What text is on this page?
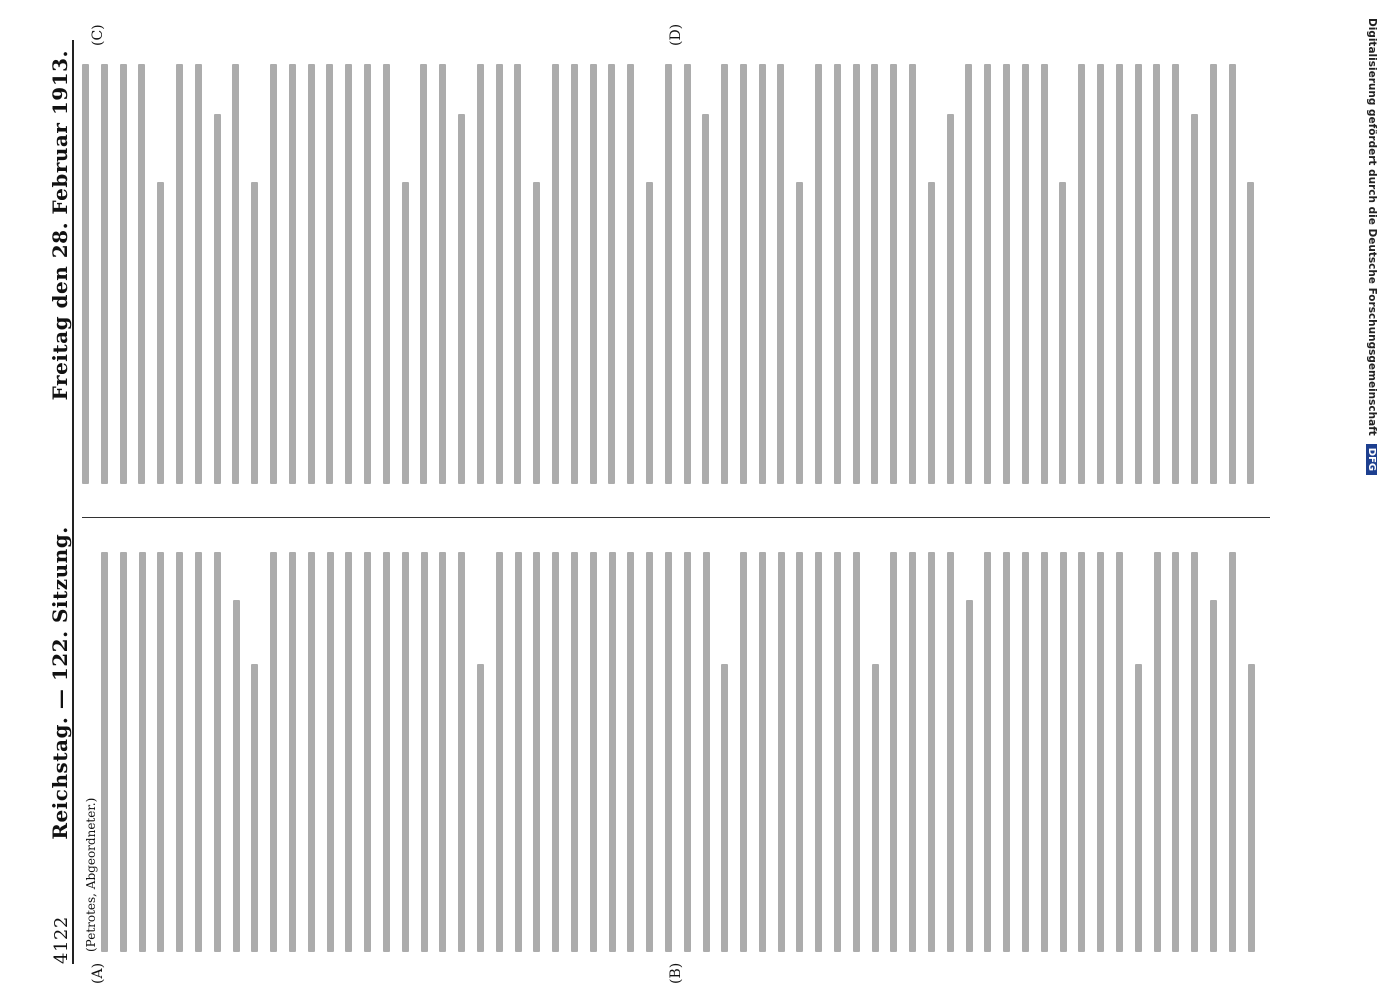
4122
Reichstag. — 122. Sitzung.
Freitag den 28. Februar 1913.
(A)	(B)
(C)	(D)
(Petrotes, Abgeordneter.)
Digitalisierung gefördert durch die Deutsche ForschungsgemeinschaftDFG
